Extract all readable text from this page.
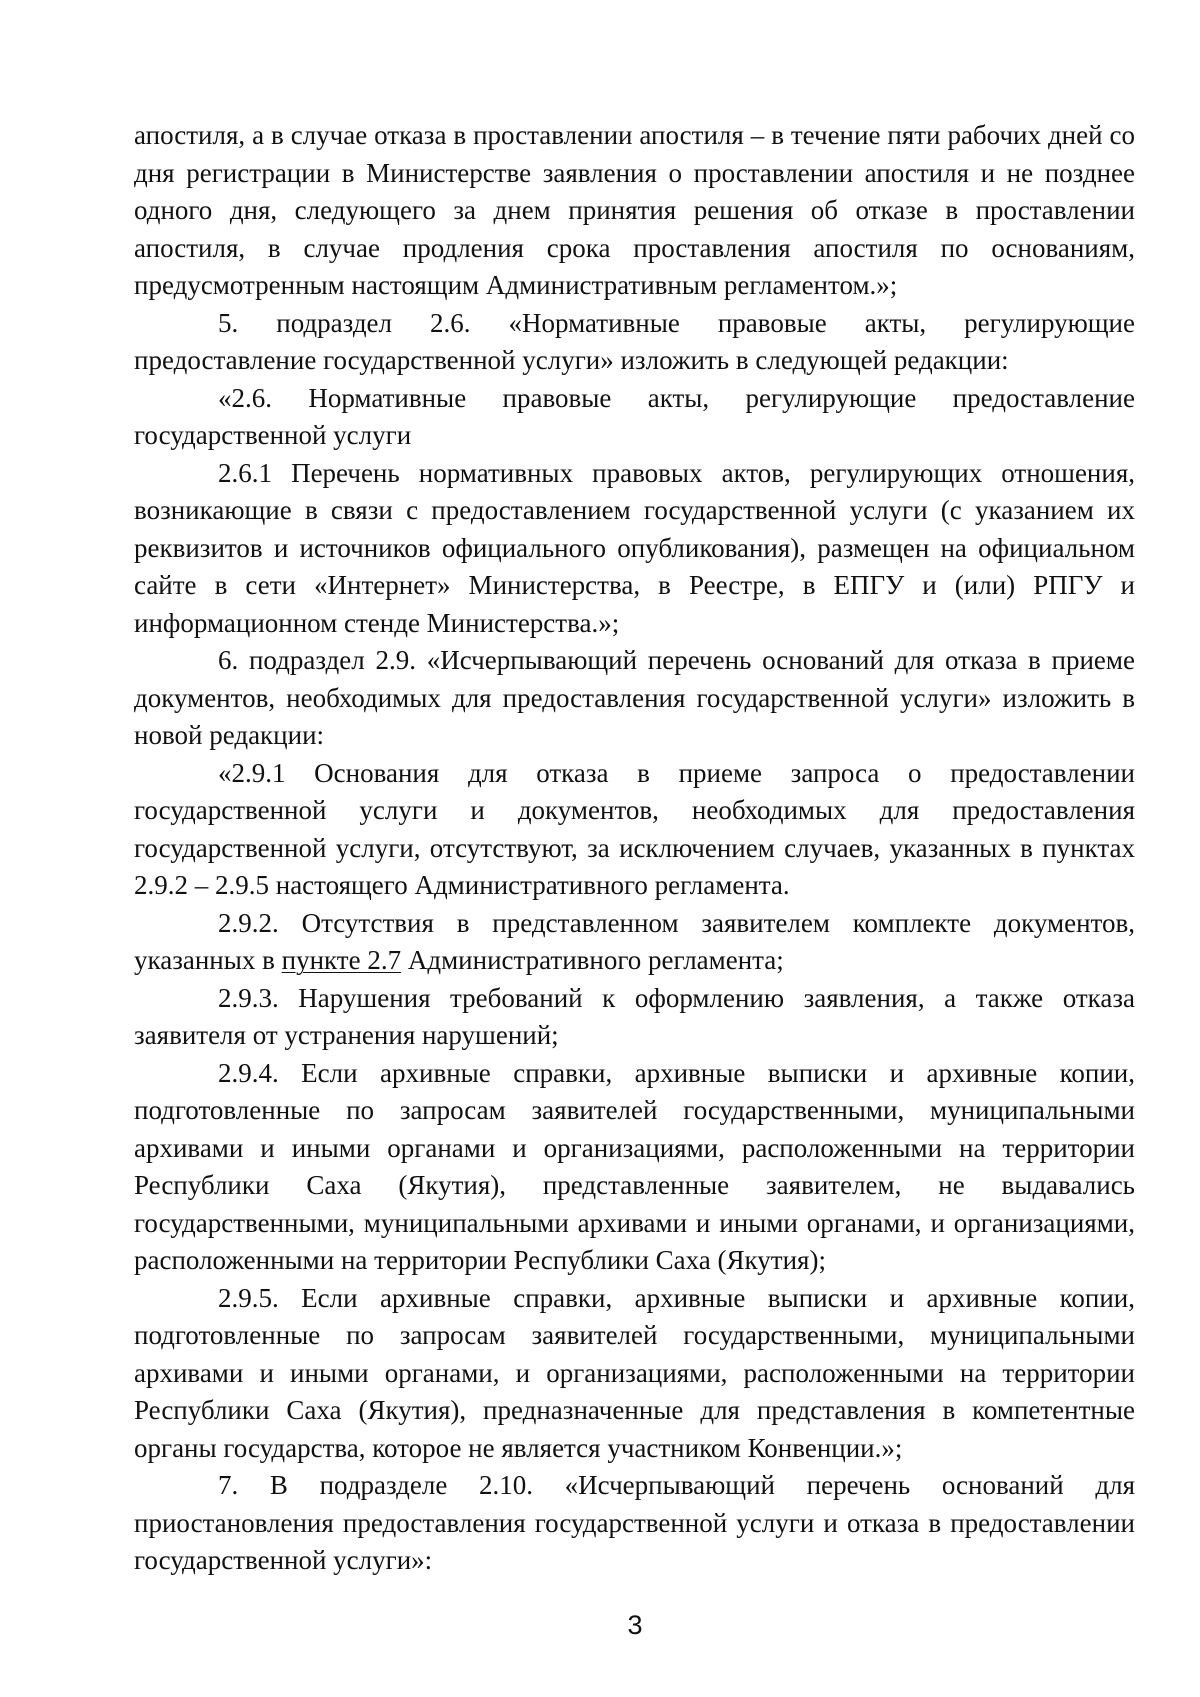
апостиля, а в случае отказа в проставлении апостиля – в течение пяти рабочих дней со дня регистрации в Министерстве заявления о проставлении апостиля и не позднее одного дня, следующего за днем принятия решения об отказе в проставлении апостиля, в случае продления срока проставления апостиля по основаниям, предусмотренным настоящим Административным регламентом.»;

5. подраздел 2.6. «Нормативные правовые акты, регулирующие предоставление государственной услуги» изложить в следующей редакции:

«2.6. Нормативные правовые акты, регулирующие предоставление государственной услуги

2.6.1 Перечень нормативных правовых актов, регулирующих отношения, возникающие в связи с предоставлением государственной услуги (с указанием их реквизитов и источников официального опубликования), размещен на официальном сайте в сети «Интернет» Министерства, в Реестре, в ЕПГУ и (или) РПГУ и информационном стенде Министерства.»;

6. подраздел 2.9. «Исчерпывающий перечень оснований для отказа в приеме документов, необходимых для предоставления государственной услуги» изложить в новой редакции:

«2.9.1 Основания для отказа в приеме запроса о предоставлении государственной услуги и документов, необходимых для предоставления государственной услуги, отсутствуют, за исключением случаев, указанных в пунктах 2.9.2 – 2.9.5 настоящего Административного регламента.

2.9.2. Отсутствия в представленном заявителем комплекте документов, указанных в пункте 2.7 Административного регламента;

2.9.3. Нарушения требований к оформлению заявления, а также отказа заявителя от устранения нарушений;

2.9.4. Если архивные справки, архивные выписки и архивные копии, подготовленные по запросам заявителей государственными, муниципальными архивами и иными органами и организациями, расположенными на территории Республики Саха (Якутия), представленные заявителем, не выдавались государственными, муниципальными архивами и иными органами, и организациями, расположенными на территории Республики Саха (Якутия);

2.9.5. Если архивные справки, архивные выписки и архивные копии, подготовленные по запросам заявителей государственными, муниципальными архивами и иными органами, и организациями, расположенными на территории Республики Саха (Якутия), предназначенные для представления в компетентные органы государства, которое не является участником Конвенции.»;

7. В подразделе 2.10. «Исчерпывающий перечень оснований для приостановления предоставления государственной услуги и отказа в предоставлении государственной услуги»:

3
